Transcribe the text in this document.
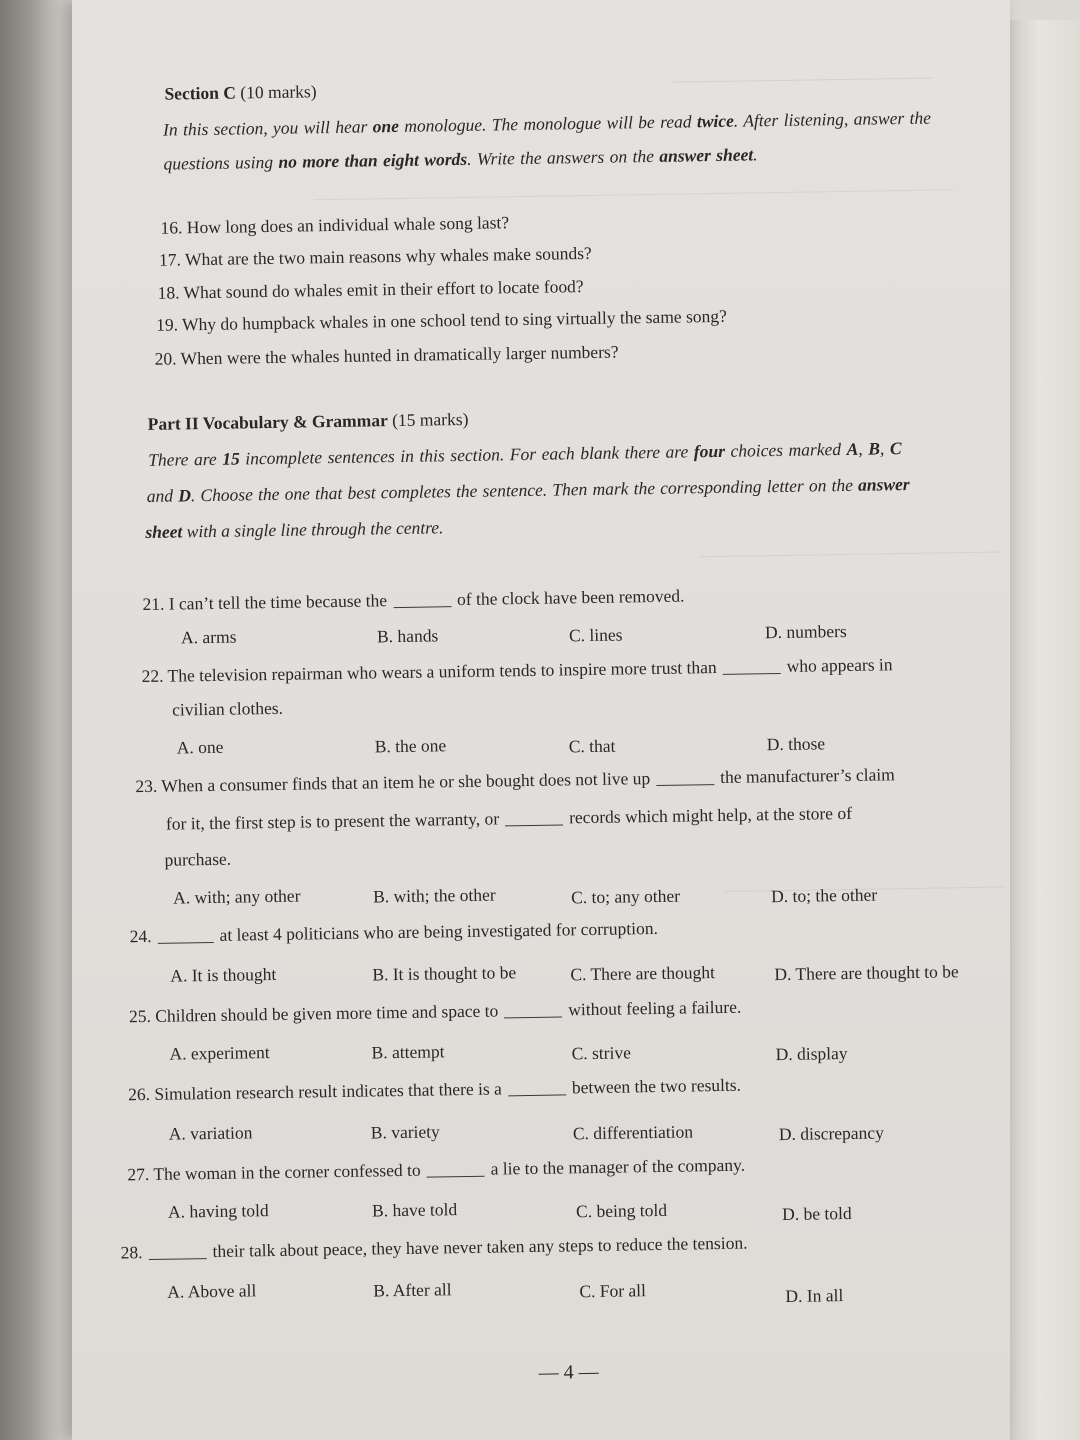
Section C (10 marks)
In this section, you will hear one monologue. The monologue will be read twice. After listening, answer the
questions using no more than eight words. Write the answers on the answer sheet.
16. How long does an individual whale song last?
17. What are the two main reasons why whales make sounds?
18. What sound do whales emit in their effort to locate food?
19. Why do humpback whales in one school tend to sing virtually the same song?
20. When were the whales hunted in dramatically larger numbers?
Part II Vocabulary & Grammar (15 marks)
There are 15 incomplete sentences in this section. For each blank there are four choices marked A, B, C
and D. Choose the one that best completes the sentence. Then mark the corresponding letter on the answer
sheet with a single line through the centre.
21. I can’t tell the time because the	of the clock have been removed.
A. arms	B. hands	C. lines	D. numbers
22. The television repairman who wears a uniform tends to inspire more trust than	who appears in
civilian clothes.
A. one	B. the one	C. that	D. those
23. When a consumer finds that an item he or she bought does not live up	the manufacturer’s claim
for it, the first step is to present the warranty, or	records which might help, at the store of
purchase.
A. with; any other	B. with; the other	C. to; any other	D. to; the other
24.	at least 4 politicians who are being investigated for corruption.
A. It is thought	B. It is thought to be	C. There are thought	D. There are thought to be
25. Children should be given more time and space to	without feeling a failure.
A. experiment	B. attempt	C. strive	D. display
26. Simulation research result indicates that there is a	between the two results.
A. variation	B. variety	C. differentiation	D. discrepancy
27. The woman in the corner confessed to	a lie to the manager of the company.
A. having told	B. have told	C. being told	D. be told
28.	their talk about peace, they have never taken any steps to reduce the tension.
A. Above all	B. After all	C. For all	D. In all
— 4 —
